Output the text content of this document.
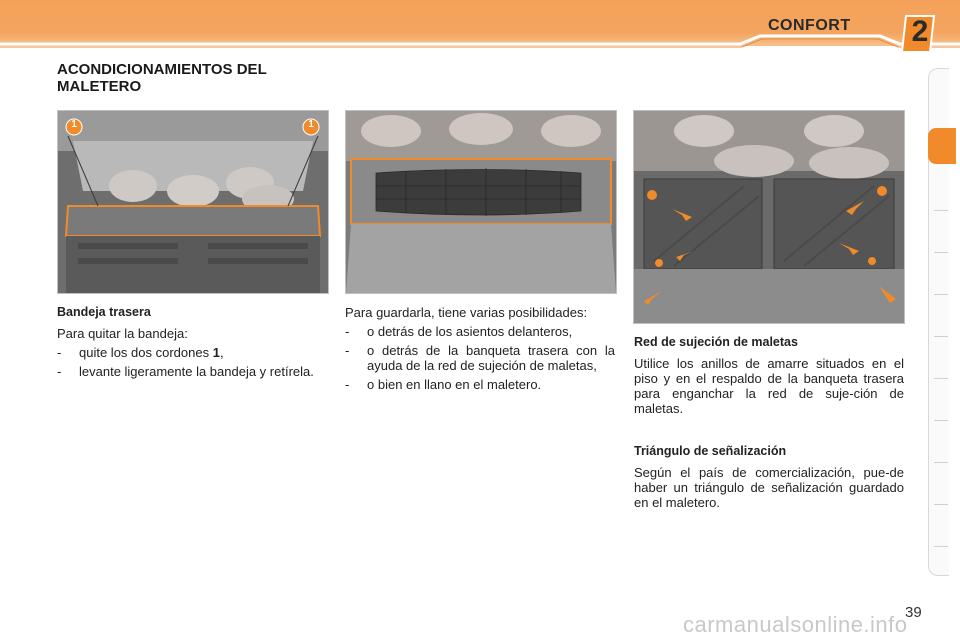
CONFORT 2
ACONDICIONAMIENTOS DEL MALETERO
1	1
Bandeja trasera

Para quitar la bandeja:

-	quite los dos cordones 1,
-	levante ligeramente la bandeja y retírela.

Para guardarla, tiene varias posibilidades:

-	o detrás de los asientos delanteros,
-	o detrás de la banqueta trasera con la ayuda de la red de sujeción de maletas,
-	o bien en llano en el maletero.
Red de sujeción de maletas

Utilice los anillos de amarre situados en el piso y en el respaldo de la banqueta trasera para enganchar la red de suje-ción de maletas.

Triángulo de señalización

Según el país de comercialización, pue-de haber un triángulo de señalización guardado en el maletero.

39
carmanualsonline.info
